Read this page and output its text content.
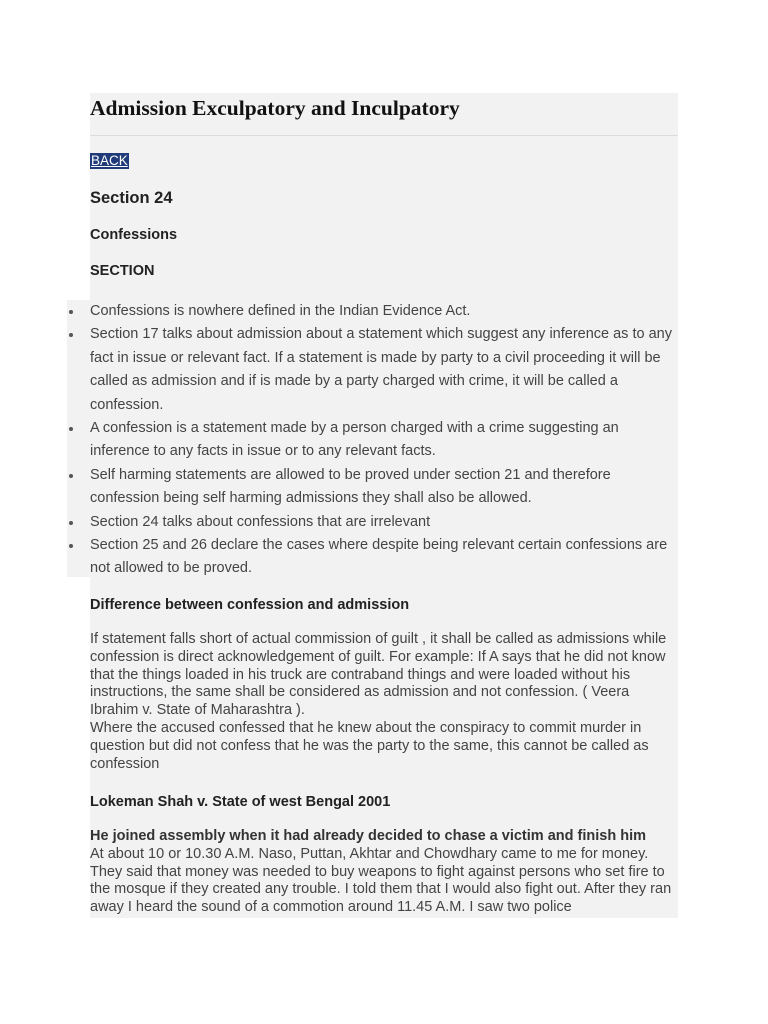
Admission Exculpatory and Inculpatory
BACK
Section 24
Confessions
SECTION
Confessions is nowhere defined in the Indian Evidence Act.
Section 17 talks about admission about a statement which suggest any inference as to any fact in issue or relevant fact. If a statement is made by party to a civil proceeding it will be called as admission and if is made by a party charged with crime, it will be called a confession.
A confession is a statement made by a person charged with a crime suggesting an inference to any facts in issue or to any relevant facts.
Self harming statements are allowed to be proved under section 21 and therefore confession being self harming admissions they shall also be allowed.
Section 24 talks about confessions that are irrelevant
Section 25 and 26 declare the cases where despite being relevant certain confessions are not allowed to be proved.
Difference between confession and admission

If statement falls short of actual commission of guilt , it shall be called as admissions while confession is direct acknowledgement of guilt. For example: If A says that he did not know that the things loaded in his truck are contraband things and were loaded without his instructions, the same shall be considered as admission and not confession. ( Veera Ibrahim v. State of Maharashtra ).
Where the accused confessed that he knew about the conspiracy to commit murder in question but did not confess that he was the party to the same, this cannot be called as confession

Lokeman Shah v. State of west Bengal 2001

He joined assembly when it had already decided to chase a victim and finish him
At about 10 or 10.30 A.M. Naso, Puttan, Akhtar and Chowdhary came to me for money. They said that money was needed to buy weapons to fight against persons who set fire to the mosque if they created any trouble. I told them that I would also fight out. After they ran away I heard the sound of a commotion around 11.45 A.M. I saw two police
